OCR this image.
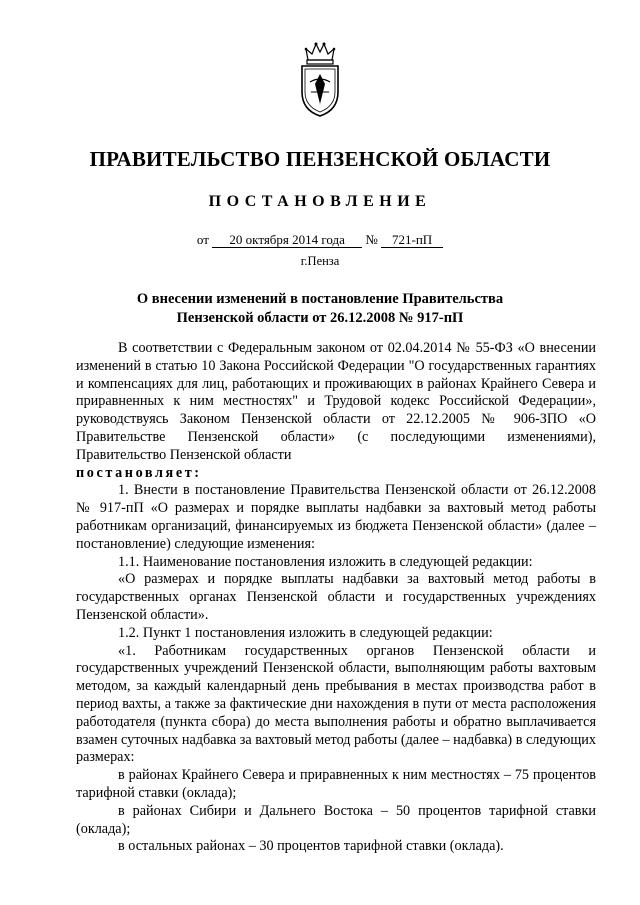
ПРАВИТЕЛЬСТВО ПЕНЗЕНСКОЙ ОБЛАСТИ
ПОСТАНОВЛЕНИЕ
от 20 октября 2014 года № 721-пП
г.Пенза
О внесении изменений в постановление Правительства
Пензенской области от 26.12.2008 № 917-пП

В соответствии с Федеральным законом от 02.04.2014 № 55-ФЗ «О внесении изменений в статью 10 Закона Российской Федерации "О государственных гарантиях и компенсациях для лиц, работающих и проживающих в районах Крайнего Севера и приравненных к ним местностях" и Трудовой кодекс Российской Федерации», руководствуясь Законом Пензенской области от 22.12.2005 № 906-ЗПО «О Правительстве Пензенской области» (с последующими изменениями), Правительство Пензенской области

постановляет:

1. Внести в постановление Правительства Пензенской области от 26.12.2008 № 917-пП «О размерах и порядке выплаты надбавки за вахтовый метод работы работникам организаций, финансируемых из бюджета Пензенской области» (далее – постановление) следующие изменения:

1.1. Наименование постановления изложить в следующей редакции:

«О размерах и порядке выплаты надбавки за вахтовый метод работы в государственных органах Пензенской области и государственных учреждениях Пензенской области».

1.2. Пункт 1 постановления изложить в следующей редакции:

«1. Работникам государственных органов Пензенской области и государственных учреждений Пензенской области, выполняющим работы вахтовым методом, за каждый календарный день пребывания в местах производства работ в период вахты, а также за фактические дни нахождения в пути от места расположения работодателя (пункта сбора) до места выполнения работы и обратно выплачивается взамен суточных надбавка за вахтовый метод работы (далее – надбавка) в следующих размерах:

в районах Крайнего Севера и приравненных к ним местностях – 75 процентов тарифной ставки (оклада);

в районах Сибири и Дальнего Востока – 50 процентов тарифной ставки (оклада);

в остальных районах – 30 процентов тарифной ставки (оклада).
